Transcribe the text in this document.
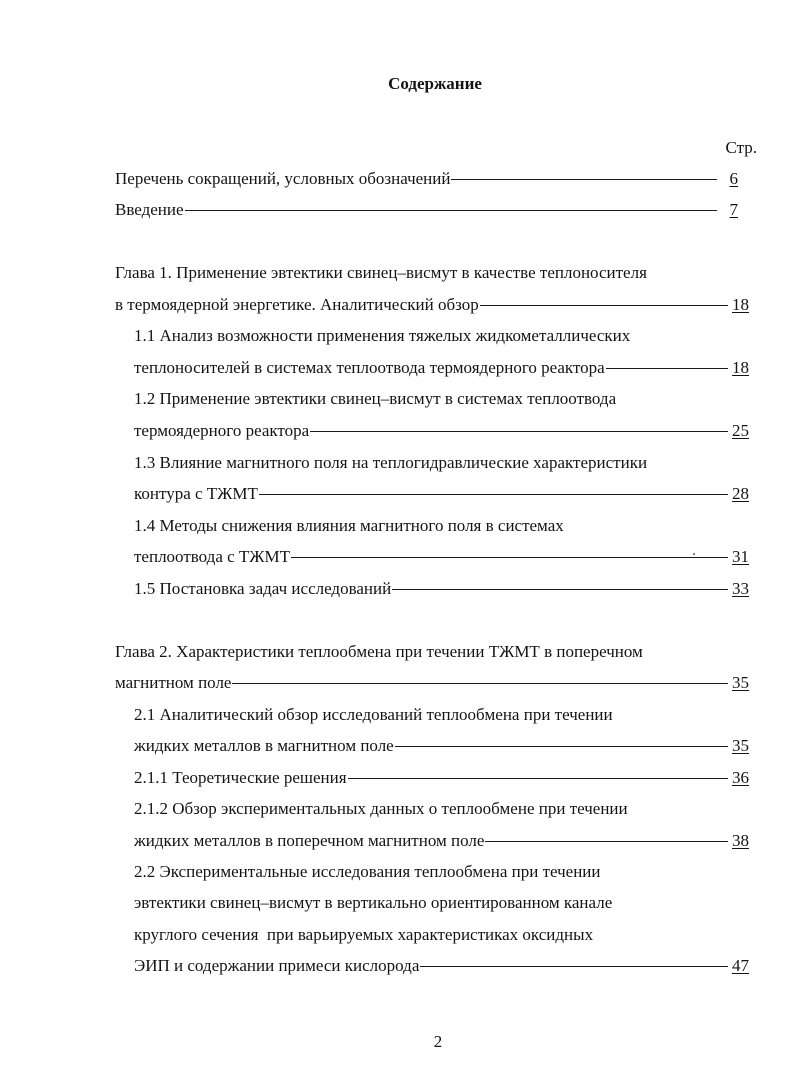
Содержание
Стр.
Перечень сокращений, условных обозначений	6
Введение	7
Глава 1. Применение эвтектики свинец–висмут в качестве теплоносителя
в термоядерной энергетике. Аналитический обзор	18
1.1 Анализ возможности применения тяжелых жидкометаллических
теплоносителей в системах теплоотвода термоядерного реактора	18
1.2 Применение эвтектики свинец–висмут в системах теплоотвода
термоядерного реактора	25
1.3 Влияние магнитного поля на теплогидравлические характеристики
контура с ТЖМТ	28
1.4 Методы снижения влияния магнитного поля в системах
теплоотвода с ТЖМТ	31
1.5 Постановка задач исследований	33
Глава 2. Характеристики теплообмена при течении ТЖМТ в поперечном
магнитном поле	35
2.1 Аналитический обзор исследований теплообмена при течении
жидких металлов в магнитном поле	35
2.1.1 Теоретические решения	36
2.1.2 Обзор экспериментальных данных о теплообмене при течении
жидких металлов в поперечном магнитном поле	38
2.2 Экспериментальные исследования теплообмена при течении
эвтектики свинец–висмут в вертикально ориентированном канале
круглого сечения  при варьируемых характеристиках оксидных
ЭИП и содержании примеси кислорода	47
2
